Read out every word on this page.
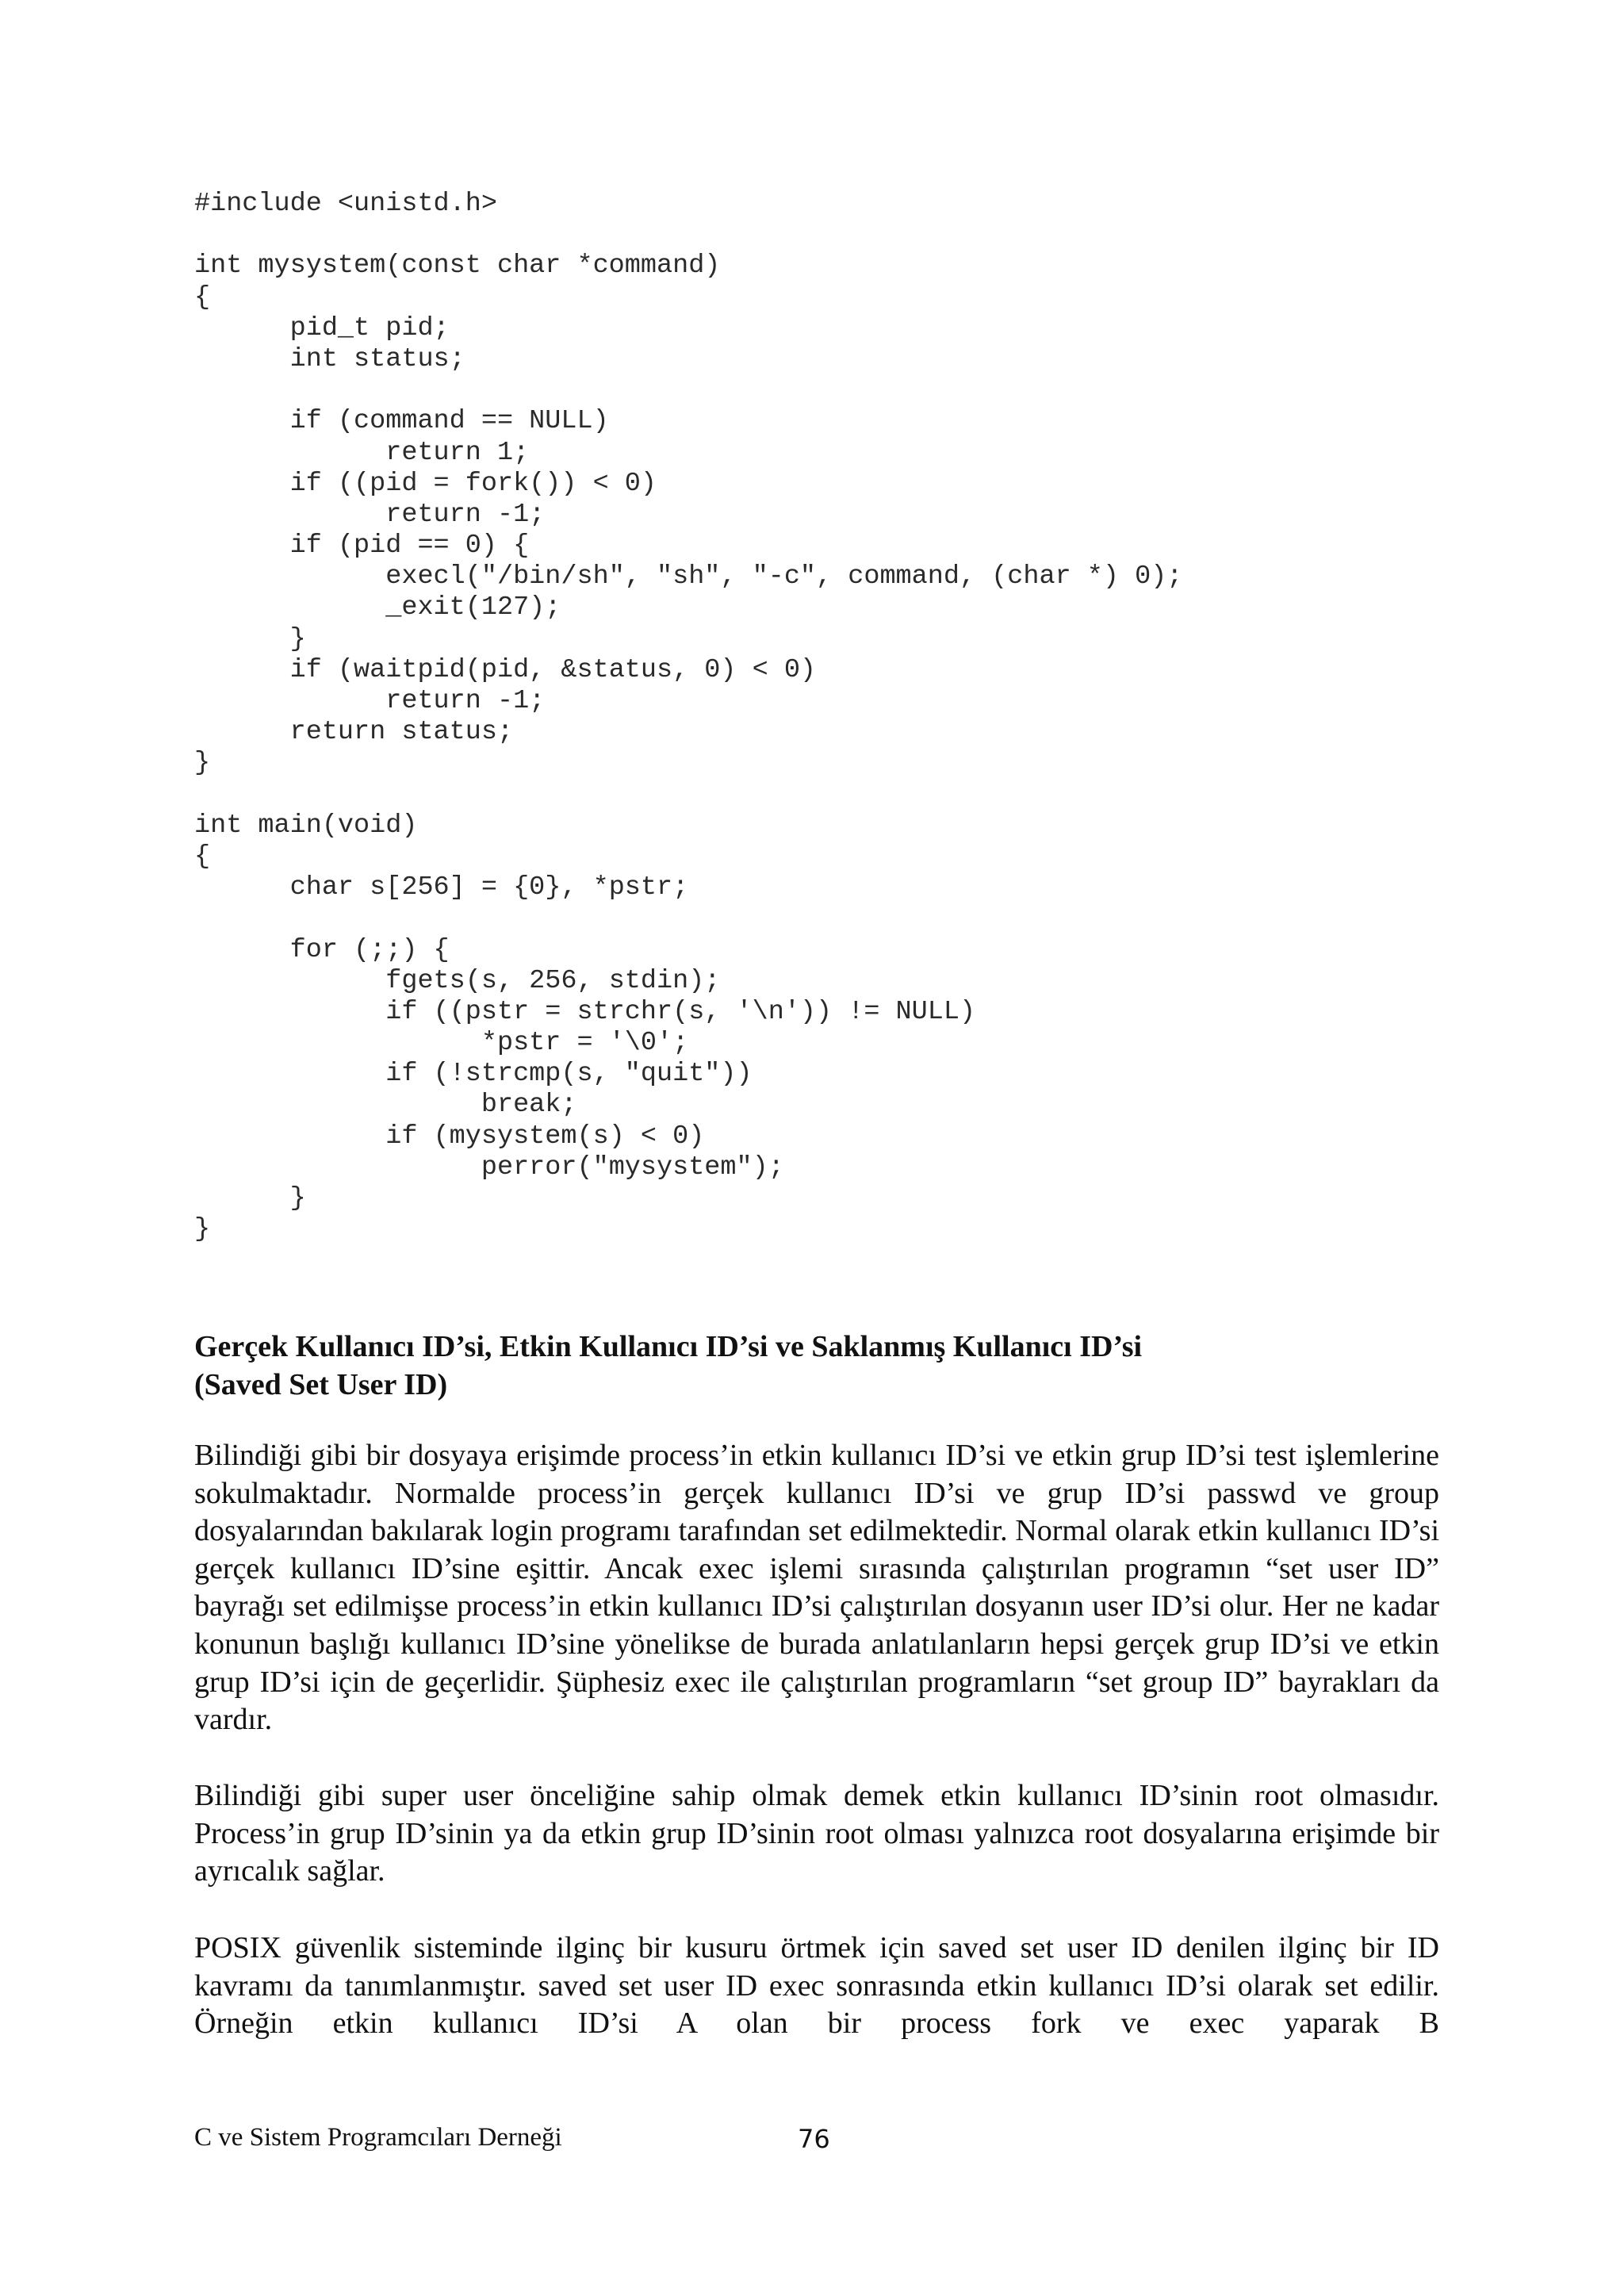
#include <unistd.h>
int mysystem(const char *command)
{
	pid_t pid;
	int status;
	if (command == NULL)
	return 1;
	if ((pid = fork()) < 0)
	return -1;
	if (pid == 0) {
	execl("/bin/sh", "sh", "-c", command, (char *) 0);
	_exit(127);
	}
	if (waitpid(pid, &status, 0) < 0)
	return -1;
	return status;
}
int main(void)
{
	char s[256] = {0}, *pstr;
	for (;;) {
	fgets(s, 256, stdin);
	if ((pstr = strchr(s, '\n')) != NULL)
	*pstr = '\0';
	if (!strcmp(s, "quit"))
	break;
	if (mysystem(s) < 0)
	perror("mysystem");
	}
}
Gerçek Kullanıcı ID’si, Etkin Kullanıcı ID’si ve Saklanmış Kullanıcı ID’si
(Saved Set User ID)

Bilindiği gibi bir dosyaya erişimde process’in etkin kullanıcı ID’si ve etkin grup ID’si test işlemlerine sokulmaktadır. Normalde process’in gerçek kullanıcı ID’si ve grup ID’si passwd ve group dosyalarından bakılarak login programı tarafından set edilmektedir. Normal olarak etkin kullanıcı ID’si gerçek kullanıcı ID’sine eşittir. Ancak exec işlemi sırasında çalıştırılan programın “set user ID” bayrağı set edilmişse process’in etkin kullanıcı ID’si çalıştırılan dosyanın user ID’si olur. Her ne kadar konunun başlığı kullanıcı ID’sine yönelikse de burada anlatılanların hepsi gerçek grup ID’si ve etkin grup ID’si için de geçerlidir. Şüphesiz exec ile çalıştırılan programların “set group ID” bayrakları da vardır.

Bilindiği gibi super user önceliğine sahip olmak demek etkin kullanıcı ID’sinin root olmasıdır. Process’in grup ID’sinin ya da etkin grup ID’sinin root olması yalnızca root dosyalarına erişimde bir ayrıcalık sağlar.

POSIX güvenlik sisteminde ilginç bir kusuru örtmek için saved set user ID denilen ilginç bir ID kavramı da tanımlanmıştır. saved set user ID exec sonrasında etkin kullanıcı ID’si olarak set edilir. Örneğin etkin kullanıcı ID’si A olan bir process fork ve exec yaparak B

C ve Sistem Programcıları Derneği	76
